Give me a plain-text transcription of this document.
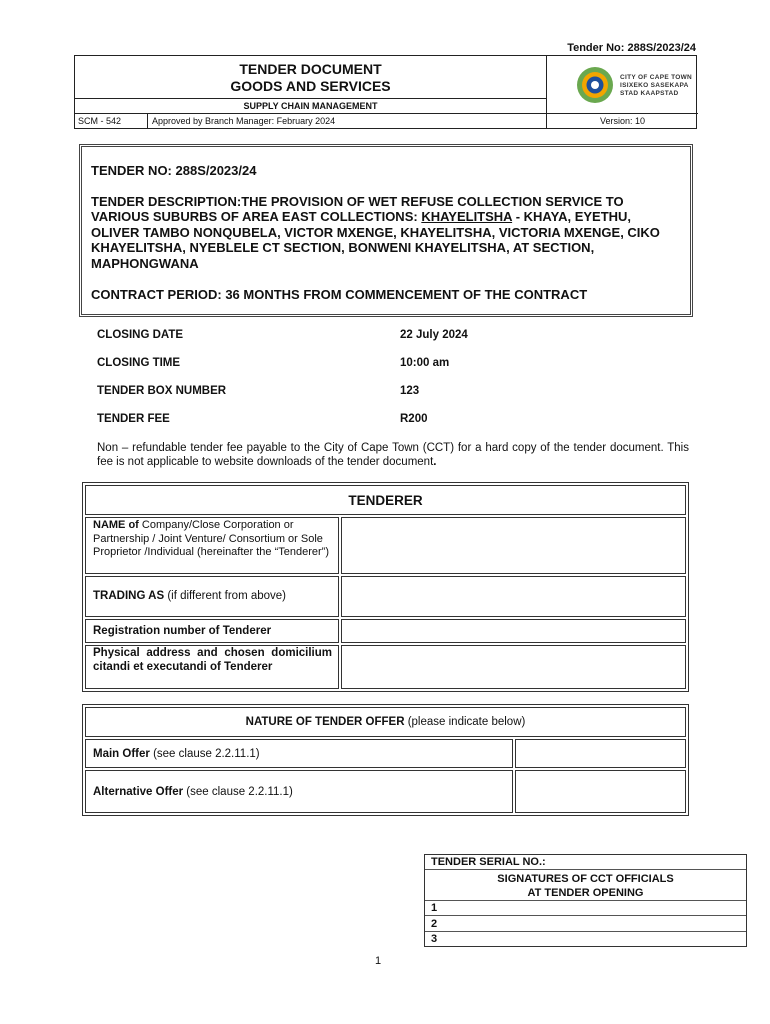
Tender No: 288S/2023/24
TENDER DOCUMENT
GOODS AND SERVICES
SUPPLY CHAIN MANAGEMENT
SCM - 542	Approved by Branch Manager: February 2024
CITY OF CAPE TOWN
ISIXEKO SASEKAPA
STAD KAAPSTAD
Version: 10

TENDER NO: 288S/2023/24

TENDER DESCRIPTION:THE PROVISION OF WET REFUSE COLLECTION SERVICE TO VARIOUS SUBURBS OF AREA EAST COLLECTIONS: KHAYELITSHA - KHAYA, EYETHU, OLIVER TAMBO NONQUBELA, VICTOR MXENGE, KHAYELITSHA, VICTORIA MXENGE, CIKO KHAYELITSHA, NYEBLELE CT SECTION, BONWENI KHAYELITSHA, AT SECTION, MAPHONGWANA

CONTRACT PERIOD: 36 MONTHS FROM COMMENCEMENT OF THE CONTRACT

CLOSING DATE	22 July 2024
CLOSING TIME	10:00 am
TENDER BOX NUMBER	123
TENDER FEE	R200
Non – refundable tender fee payable to the City of Cape Town (CCT) for a hard copy of the tender document. This fee is not applicable to website downloads of the tender document.
TENDERER	
NAME of Company/Close Corporation or Partnership / Joint Venture/ Consortium or Sole Proprietor /Individual (hereinafter the “Tenderer”)	
TRADING AS (if different from above)	
Registration number of Tenderer	
Physical address and chosen domicilium citandi et executandi of Tenderer	
NATURE OF TENDER OFFER (please indicate below)	
Main Offer (see clause 2.2.11.1)	
Alternative Offer (see clause 2.2.11.1)	
TENDER SERIAL NO.:
SIGNATURES OF CCT OFFICIALS
AT TENDER OPENING
1
2
3
1
